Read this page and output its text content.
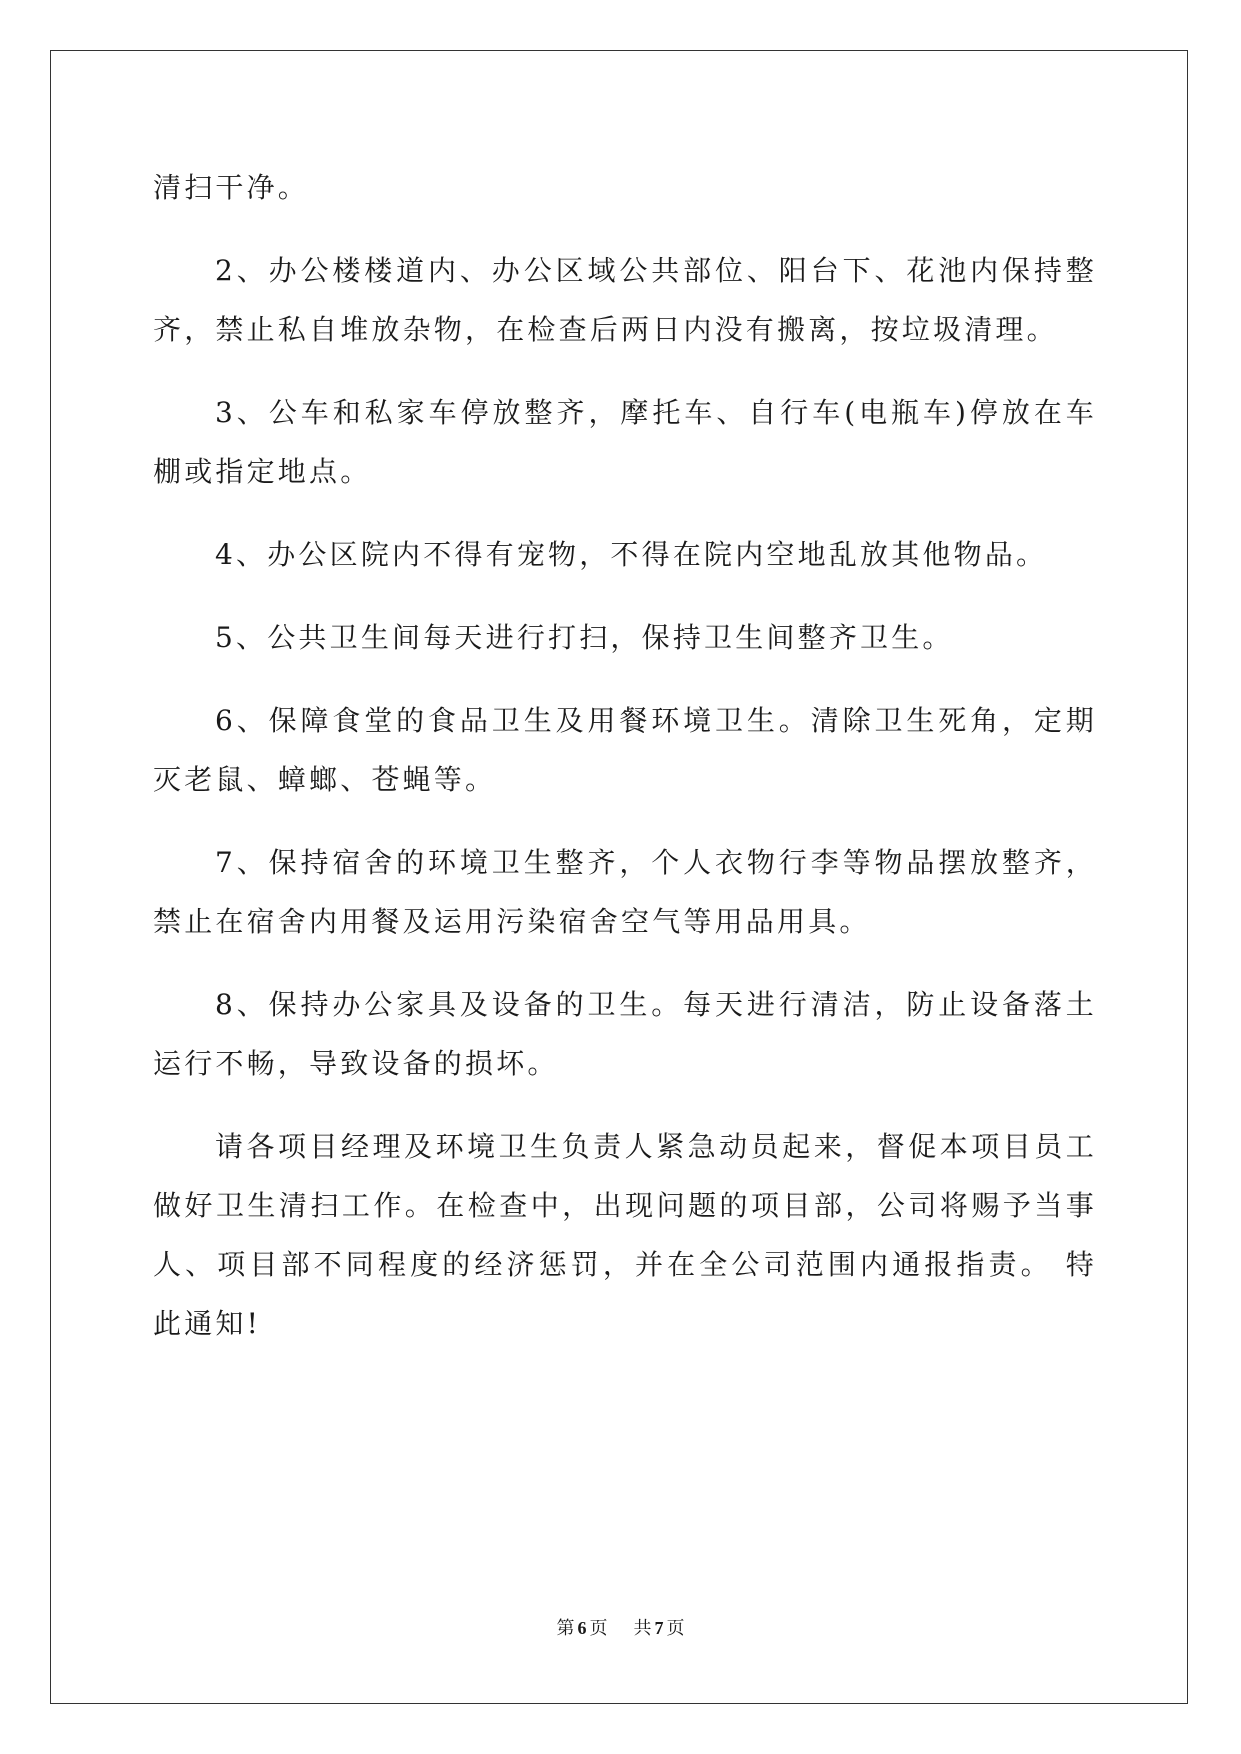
清扫干净。

2、办公楼楼道内、办公区域公共部位、阳台下、花池内保持整齐，禁止私自堆放杂物，在检查后两日内没有搬离，按垃圾清理。

3、公车和私家车停放整齐，摩托车、自行车(电瓶车)停放在车棚或指定地点。

4、办公区院内不得有宠物，不得在院内空地乱放其他物品。

5、公共卫生间每天进行打扫，保持卫生间整齐卫生。

6、保障食堂的食品卫生及用餐环境卫生。清除卫生死角，定期灭老鼠、蟑螂、苍蝇等。

7、保持宿舍的环境卫生整齐，个人衣物行李等物品摆放整齐，禁止在宿舍内用餐及运用污染宿舍空气等用品用具。

8、保持办公家具及设备的卫生。每天进行清洁，防止设备落土运行不畅，导致设备的损坏。

请各项目经理及环境卫生负责人紧急动员起来，督促本项目员工做好卫生清扫工作。在检查中，出现问题的项目部，公司将赐予当事人、项目部不同程度的经济惩罚，并在全公司范围内通报指责。 特此通知!

第 6 页 共 7 页
